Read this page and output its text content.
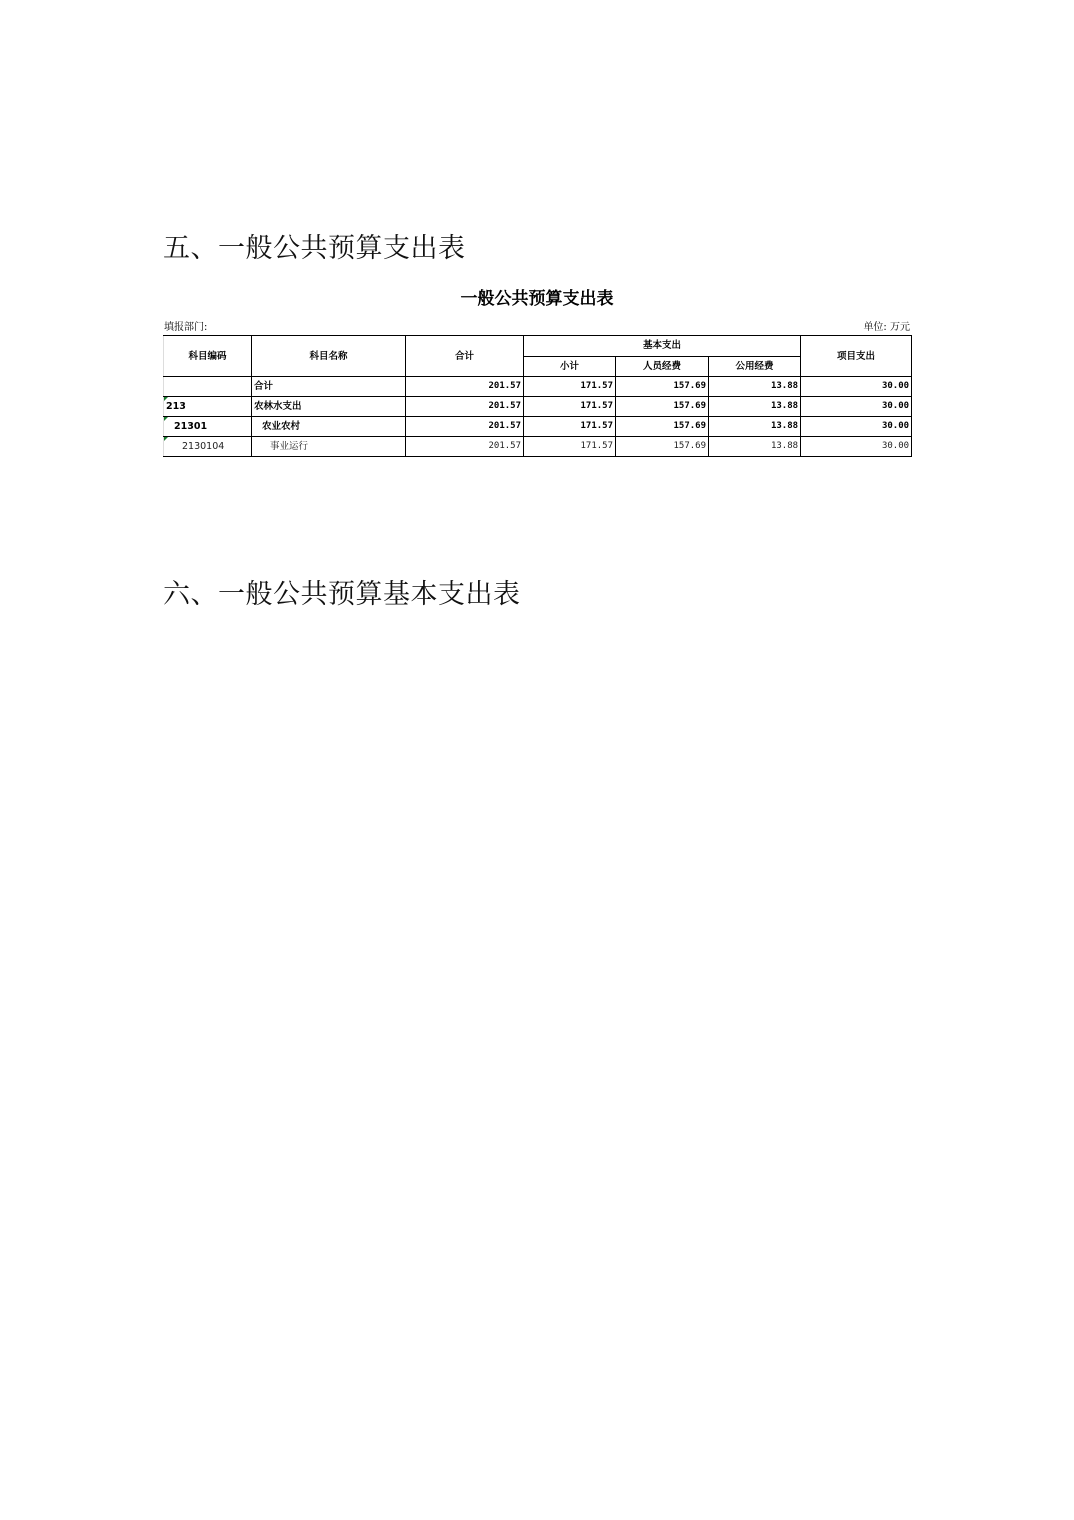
五、一般公共预算支出表
一般公共预算支出表
填报部门:	单位: 万元
科目编码	科目名称	合计	基本支出			项目支出
			小计	人员经费	公用经费	
	合计	201.57	171.57	157.69	13.88	30.00

213	农林水支出	201.57	171.57	157.69	13.88	30.00

21301	农业农村	201.57	171.57	157.69	13.88	30.00

2130104	事业运行	201.57	171.57	157.69	13.88	30.00
六、一般公共预算基本支出表
